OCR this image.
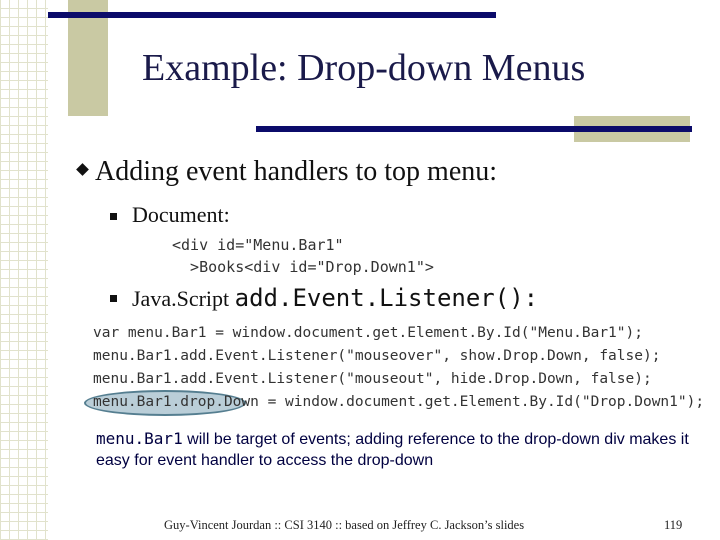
Example: Drop-down Menus
Adding event handlers to top menu:
Document:
<div id="Menu.Bar1"
>Books<div id="Drop.Down1">
Java.Script add.Event.Listener():
var menu.Bar1 = window.document.get.Element.By.Id("Menu.Bar1");
menu.Bar1.add.Event.Listener("mouseover", show.Drop.Down, false);
menu.Bar1.add.Event.Listener("mouseout", hide.Drop.Down, false);
menu.Bar1.drop.Down = window.document.get.Element.By.Id("Drop.Down1");
menu.Bar1 will be target of events; adding reference to the drop-down div makes it easy for event handler to access the drop-down
Guy-Vincent Jourdan :: CSI 3140 :: based on Jeffrey C. Jackson’s slides	119
